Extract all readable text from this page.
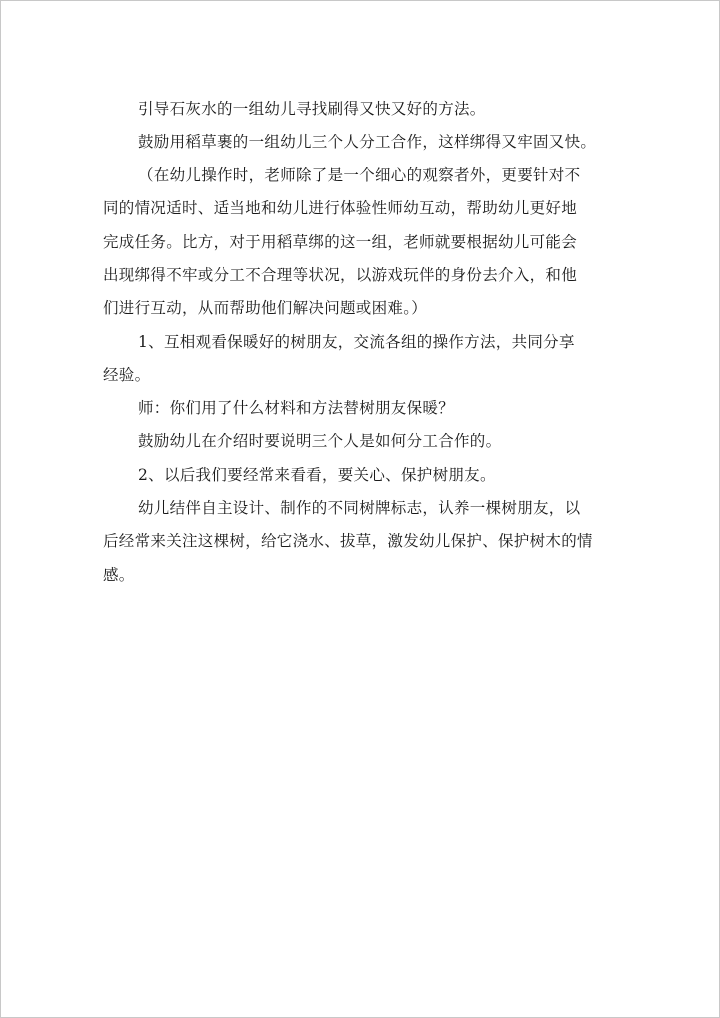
引导石灰水的一组幼儿寻找刷得又快又好的方法。
鼓励用稻草裹的一组幼儿三个人分工合作，这样绑得又牢固又快。
（在幼儿操作时，老师除了是一个细心的观察者外，更要针对不
同的情况适时、适当地和幼儿进行体验性师幼互动，帮助幼儿更好地
完成任务。比方，对于用稻草绑的这一组，老师就要根据幼儿可能会
出现绑得不牢或分工不合理等状况，以游戏玩伴的身份去介入，和他
们进行互动，从而帮助他们解决问题或困难。）
1、互相观看保暖好的树朋友，交流各组的操作方法，共同分享
经验。
师：你们用了什么材料和方法替树朋友保暖？
鼓励幼儿在介绍时要说明三个人是如何分工合作的。
2、以后我们要经常来看看，要关心、保护树朋友。
幼儿结伴自主设计、制作的不同树牌标志，认养一棵树朋友，以
后经常来关注这棵树，给它浇水、拔草，激发幼儿保护、保护树木的情
感。
